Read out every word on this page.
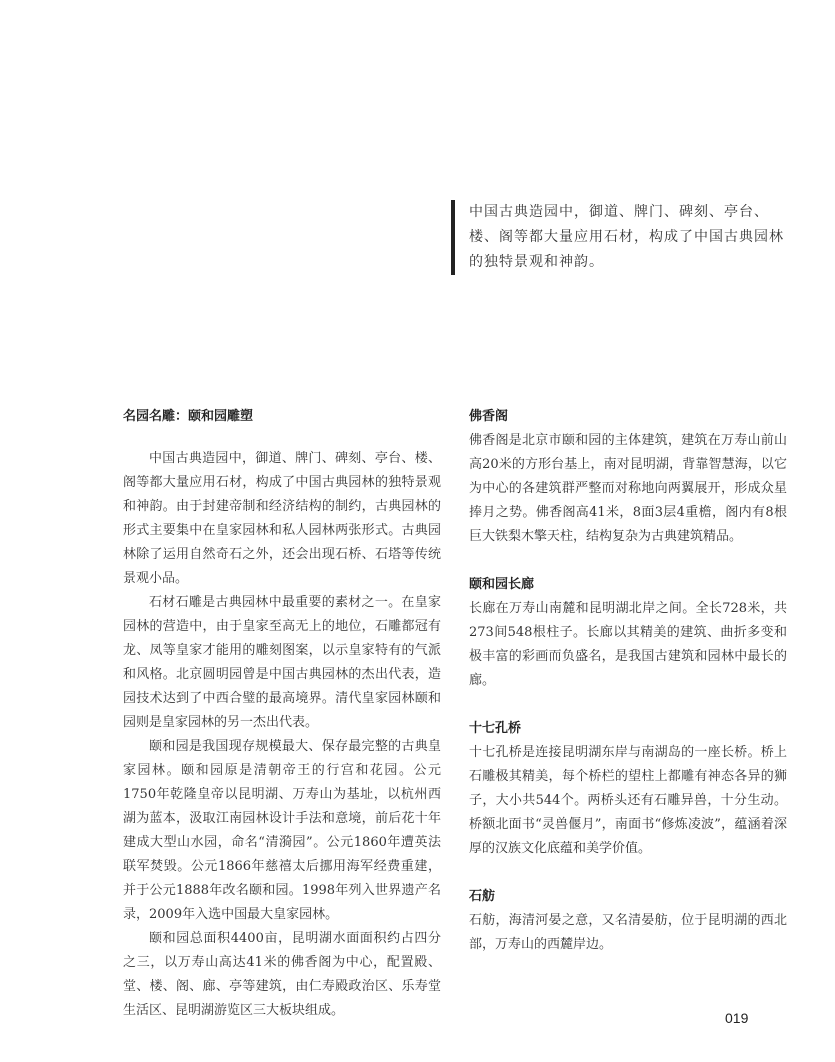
中国古典造园中，御道、牌门、碑刻、亭台、楼、阁等都大量应用石材，构成了中国古典园林的独特景观和神韵。
名园名雕：颐和园雕塑

中国古典造园中，御道、牌门、碑刻、亭台、楼、阁等都大量应用石材，构成了中国古典园林的独特景观和神韵。由于封建帝制和经济结构的制约，古典园林的形式主要集中在皇家园林和私人园林两张形式。古典园林除了运用自然奇石之外，还会出现石桥、石塔等传统景观小品。

石材石雕是古典园林中最重要的素材之一。在皇家园林的营造中，由于皇家至高无上的地位，石雕都冠有龙、凤等皇家才能用的雕刻图案，以示皇家特有的气派和风格。北京圆明园曾是中国古典园林的杰出代表，造园技术达到了中西合璧的最高境界。清代皇家园林颐和园则是皇家园林的另一杰出代表。

颐和园是我国现存规模最大、保存最完整的古典皇家园林。颐和园原是清朝帝王的行宫和花园。公元1750年乾隆皇帝以昆明湖、万寿山为基址，以杭州西湖为蓝本，汲取江南园林设计手法和意境，前后花十年建成大型山水园，命名“清漪园”。公元1860年遭英法联军焚毁。公元1866年慈禧太后挪用海军经费重建，并于公元1888年改名颐和园。1998年列入世界遗产名录，2009年入选中国最大皇家园林。

颐和园总面积4400亩，昆明湖水面面积约占四分之三，以万寿山高达41米的佛香阁为中心，配置殿、堂、楼、阁、廊、亭等建筑，由仁寿殿政治区、乐寿堂生活区、昆明湖游览区三大板块组成。

佛香阁

佛香阁是北京市颐和园的主体建筑，建筑在万寿山前山高20米的方形台基上，南对昆明湖，背靠智慧海，以它为中心的各建筑群严整而对称地向两翼展开，形成众星捧月之势。佛香阁高41米，8面3层4重檐，阁内有8根巨大铁梨木擎天柱，结构复杂为古典建筑精品。

颐和园长廊

长廊在万寿山南麓和昆明湖北岸之间。全长728米，共273间548根柱子。长廊以其精美的建筑、曲折多变和极丰富的彩画而负盛名，是我国古建筑和园林中最长的廊。

十七孔桥

十七孔桥是连接昆明湖东岸与南湖岛的一座长桥。桥上石雕极其精美，每个桥栏的望柱上都雕有神态各异的狮子，大小共544个。两桥头还有石雕异兽，十分生动。桥额北面书“灵兽偃月”，南面书“修炼凌波”，蕴涵着深厚的汉族文化底蕴和美学价值。

石舫

石舫，海清河晏之意，又名清晏舫，位于昆明湖的西北部，万寿山的西麓岸边。

019
